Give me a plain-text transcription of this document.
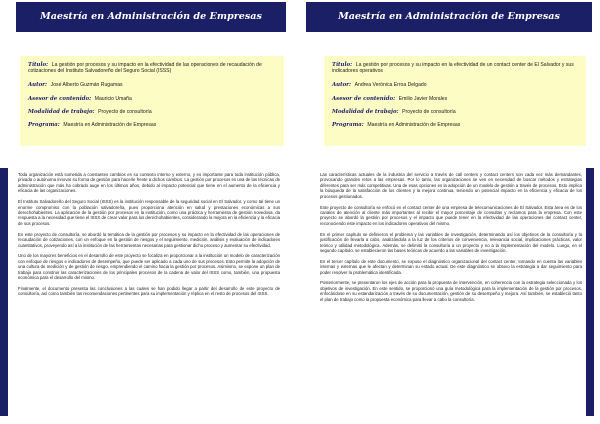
Maestría en Administración de Empresas
Título: La gestión por procesos y su impacto en la efectividad de las operaciones de recaudación de cotizaciones del Instituto Salvadoreño del Seguro Social (ISSS)
Autor: José Alberto Guzmán Rugamas
Asesor de contenido: Mauricio Umaña
Modalidad de trabajo: Proyecto de consultoría
Programa: Maestría en Administración de Empresas

Toda organización está sometida a constantes cambios en su contexto interno y externo, y es importante para toda institución pública, privada o autónoma innovar su forma de gestión para hacerle frente a dichos cambios. La gestión por procesos es una de las técnicas de administración que más ha cobrado auge en los últimos años, debido al impacto potencial que tiene en el aumento de la eficiencia y eficacia de las organizaciones.

El Instituto Salvadoreño del Seguro Social (ISSS) es la institución responsable de la seguridad social en El Salvador, y como tal tiene un enorme compromiso con la población salvadoreña, pues proporciona atención en salud y prestaciones económicas a sus derechohabientes. La aplicación de la gestión por procesos en la institución, como una práctica y herramienta de gestión novedosa, da respuesta a la necesidad que tiene el ISSS de crear valor para los derechohabientes, considerando la mejora en la eficiencia y la eficacia de sus procesos.

En este proyecto de consultoría, se abordó la temática de la gestión por procesos y su impacto en la efectividad de las operaciones de recaudación de cotizaciones, con un enfoque en la gestión de riesgos y el seguimiento, medición, análisis y evaluación de indicadores cuantitativos, proveyendo así a la institución de las herramientas necesarias para gestionar dicho proceso y aumentar su efectividad.

Uno de los mayores beneficios en el desarrollo de este proyecto se focaliza en proporcionar a la institución un modelo de caracterización con enfoque de riesgos e indicadores de desempeño, que puede ser aplicado a cada uno de sus procesos. Esto permite la adopción de una cultura de medición y de gestión de riesgo, emprendiendo el camino hacia la gestión por procesos. Asimismo, se expone un plan de trabajo para construir las caracterizaciones de los principales procesos de la cadena de valor del ISSS como, también, una propuesta económica para el desarrollo del mismo.

Finalmente, el documento presenta las conclusiones a las cuales se han podido llegar a partir del desarrollo de este proyecto de consultoría, así como también las recomendaciones pertinentes para su implementación y réplica en el resto de procesos del ISSS.

Maestría en Administración de Empresas
Título: La gestión por procesos y su impacto en la efectividad de un contact center de El Salvador y sus indicadores operativos
Autor: Andrea Verónica Erroa Delgado
Asesor de contenido: Emilio Javier Morales
Modalidad de trabajo: Proyecto de consultoría
Programa: Maestría en Administración de Empresas

Las características actuales de la industria del servicio a través de call centers y contact centers son cada vez más demandantes, provocando grandes retos a las empresas. Por lo tanto, las organizaciones se ven en necesidad de buscar métodos y estrategias diferentes para ser más competitivas. Una de esas opciones es la adopción de un modelo de gestión a través de procesos. Esto implica la búsqueda de la satisfacción de los clientes y la mejora continua, teniendo un potencial impacto en la eficiencia y eficacia de los procesos gestionados.

Este proyecto de consultoría se enfocó en el contact center de una empresa de telecomunicaciones de El Salvador. Esta área es de los canales de atención al cliente más importantes al recibir el mayor porcentaje de consultas y reclamos para la empresa. Con este proyecto se abordó la gestión por procesos y el impacto que puede tener en la efectividad de las operaciones del contact center, reconociendo este impacto en los indicadores operativos del mismo.

En el primer capítulo se definieron el problema y las variables de investigación, determinando así los objetivos de la consultoría y la justificación de llevarla a cabo, analizándola a la luz de los criterios de conveniencia, relevancia social, implicaciones prácticas, valor teórico y utilidad metodológica. Además, se delimitó la consultoría a un proyecto y no a la implementación del modelo. Luego, en el segundo capítulo, se establecieron las bases teóricas de acuerdo a las variables de investigación.

En el tercer capítulo de este documento, se expuso el diagnóstico organizacional del contact center, tomando en cuenta las variables internas y externas que le afectan y determinan su estado actual. De este diagnóstico se obtuvo la estrategia a dar seguimiento para poder resolver la problemática identificada.

Posteriormente, se presentaron los ejes de acción para la propuesta de intervención, en coherencia con la estrategia seleccionada y los objetivos de investigación. En este sentido, se proporcionó una guía metodológica para la implementación de la gestión por procesos, enfocándose en su estandarización a través de su documentación, gestión de su desempeño y mejora. Así también, se estableció tanto el plan de trabajo como la propuesta económica para llevar a cabo la consultoría.
